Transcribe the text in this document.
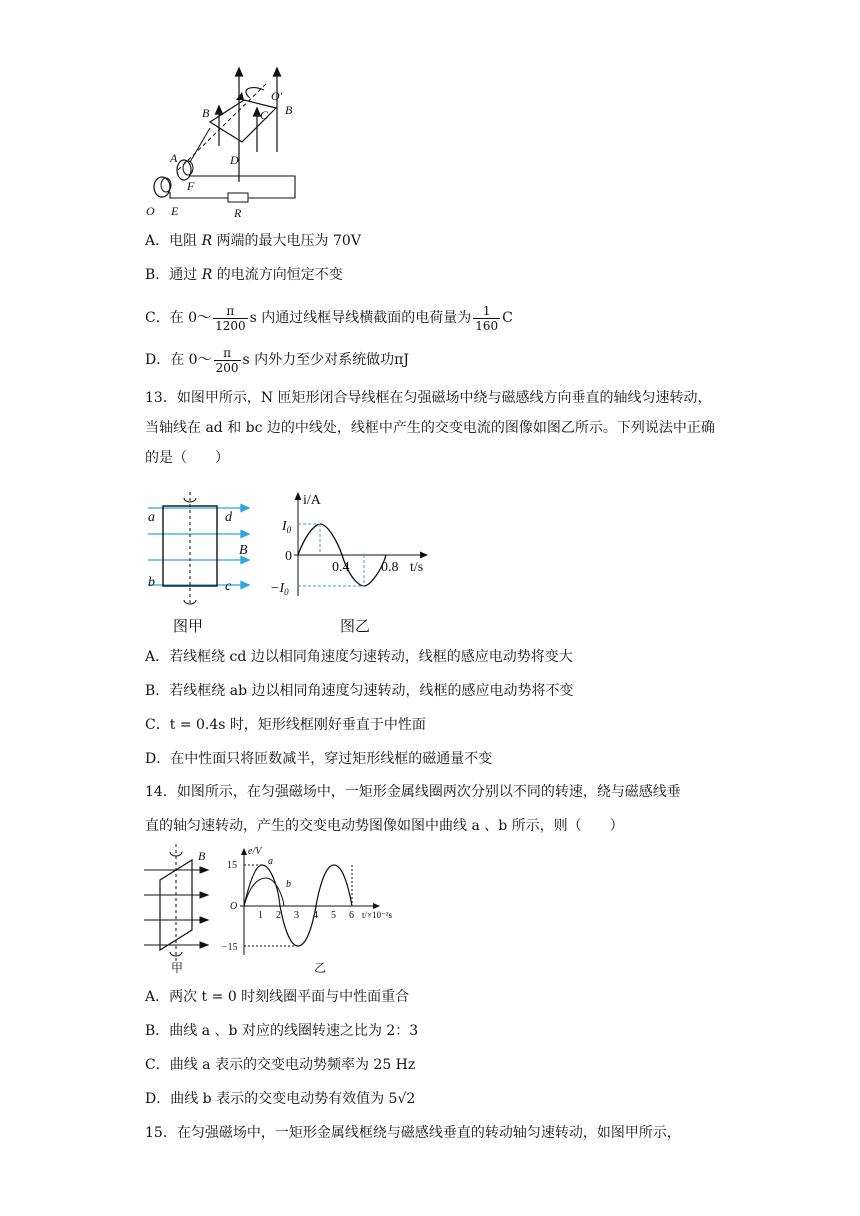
O'
B
B	C
A	D
F
O E	R
A．电阻 R 两端的最大电压为 70V
B．通过 R 的电流方向恒定不变
C．在 0～ $\frac{\pi}{1200}$ s 内通过线框导线横截面的电荷量为 $\frac{1}{160}$ C
D．在 0～ $\frac{\pi}{200}$ s 内外力至少对系统做功πJ
13．如图甲所示，N 匝矩形闭合导线框在匀强磁场中绕与磁感线方向垂直的轴线匀速转动，当轴线在 ad 和 bc 边的中线处，线框中产生的交变电流的图像如图乙所示。下列说法中正确的是（　　）
a	d
b	c
B
图甲
i/A
$I_0$
0
$-I_0$
0.4 0.8 t/s
图乙
A．若线框绕 cd 边以相同角速度匀速转动，线框的感应电动势将变大
B．若线框绕 ab 边以相同角速度匀速转动，线框的感应电动势将不变
C．t = 0.4s 时，矩形线框刚好垂直于中性面
D．在中性面只将匝数减半，穿过矩形线框的磁通量不变
14．如图所示，在匀强磁场中，一矩形金属线圈两次分别以不同的转速，绕与磁感线垂
直的轴匀速转动，产生的交变电动势图像如图中曲线 a 、b 所示，则（　　）
B
甲
e/V
15
−15
O
a
b
1 2 3 4 5 6 t/×10⁻²s
乙
A．两次 t = 0 时刻线圈平面与中性面重合
B．曲线 a 、b 对应的线圈转速之比为 2：3
C．曲线 a 表示的交变电动势频率为 25 Hz
D．曲线 b 表示的交变电动势有效值为 5√2
15．在匀强磁场中，一矩形金属线框绕与磁感线垂直的转动轴匀速转动，如图甲所示，
